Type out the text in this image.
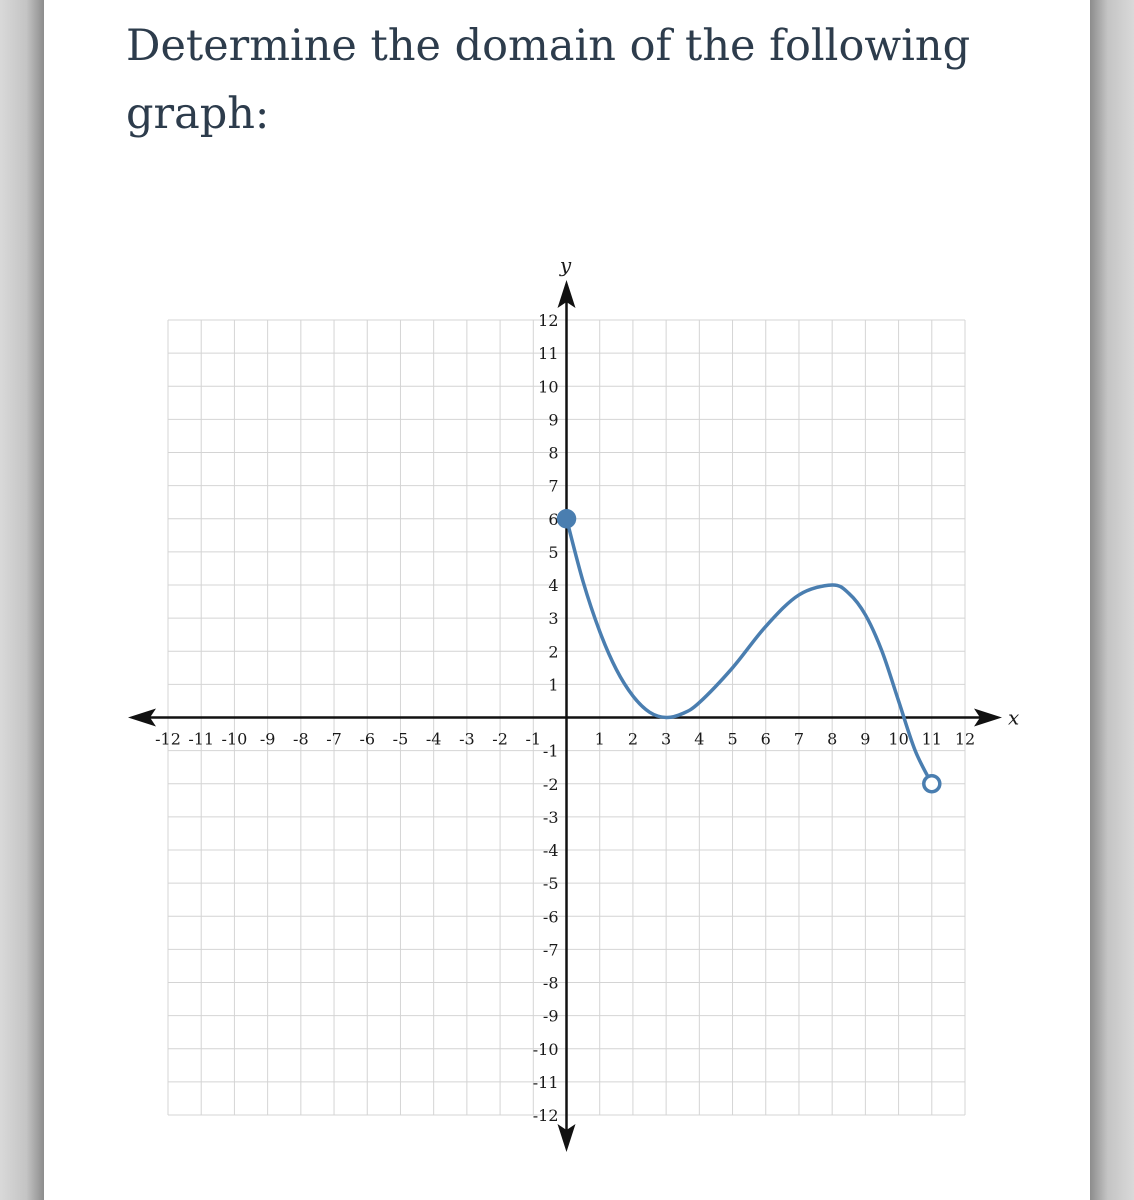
Determine the domain of the following graph:
-12 -11 -10 -9 -8 -7 -6 -5 -4 -3 -2 -1	1 2 3 4 5 6 7 8 9 10 11 12
12
11
10
9
8
7
6
5
4
3
2
1
-1
-2
-3
-4
-5
-6
-7
-8
-9
-10
-11
-12
x
y
